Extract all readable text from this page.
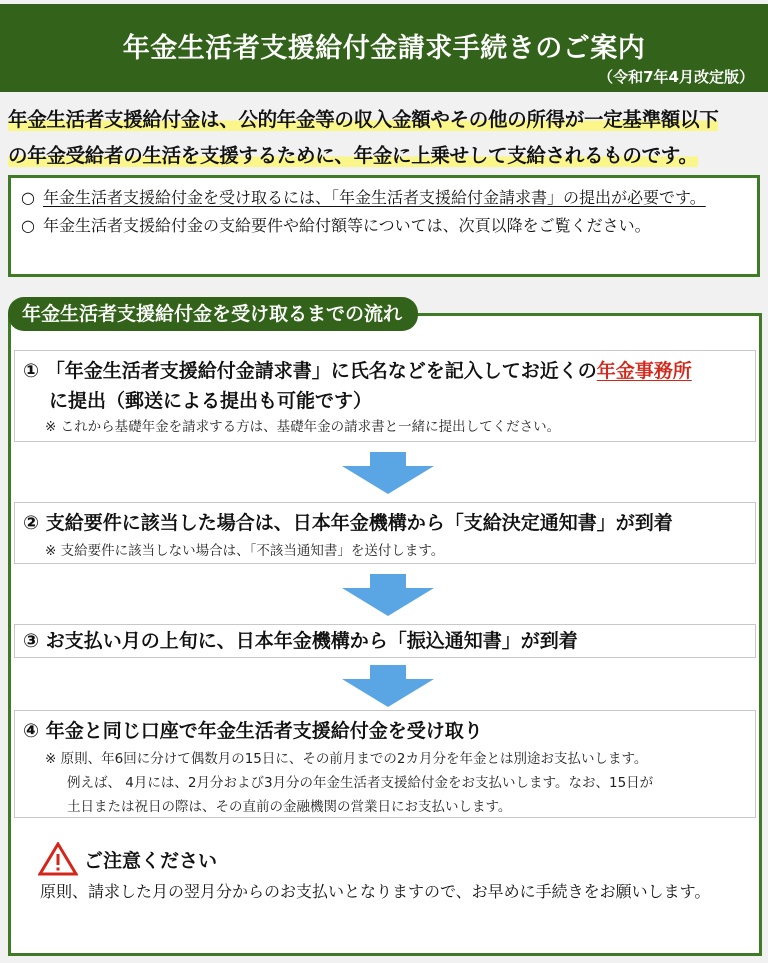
年金生活者支援給付金請求手続きのご案内
（令和7年4月改定版）
年金生活者支援給付金は、公的年金等の収入金額やその他の所得が一定基準額以下
の年金受給者の生活を支援するために、年金に上乗せして支給されるものです。
○ 年金生活者支援給付金を受け取るには、「年金生活者支援給付金請求書」の提出が必要です。
○ 年金生活者支援給付金の支給要件や給付額等については、次頁以降をご覧ください。
年金生活者支援給付金を受け取るまでの流れ
① 「年金生活者支援給付金請求書」に氏名などを記入してお近くの年金事務所
に提出（郵送による提出も可能です）
※ これから基礎年金を請求する方は、基礎年金の請求書と一緒に提出してください。
② 支給要件に該当した場合は、日本年金機構から「支給決定通知書」が到着
※ 支給要件に該当しない場合は、「不該当通知書」を送付します。
③ お支払い月の上旬に、日本年金機構から「振込通知書」が到着
④ 年金と同じ口座で年金生活者支援給付金を受け取り
※ 原則、年6回に分けて偶数月の15日に、その前月までの2カ月分を年金とは別途お支払いします。
例えば、 4月には、2月分および3月分の年金生活者支援給付金をお支払いします。なお、15日が
土日または祝日の際は、その直前の金融機関の営業日にお支払いします。
ご注意ください
原則、請求した月の翌月分からのお支払いとなりますので、お早めに手続きをお願いします。
